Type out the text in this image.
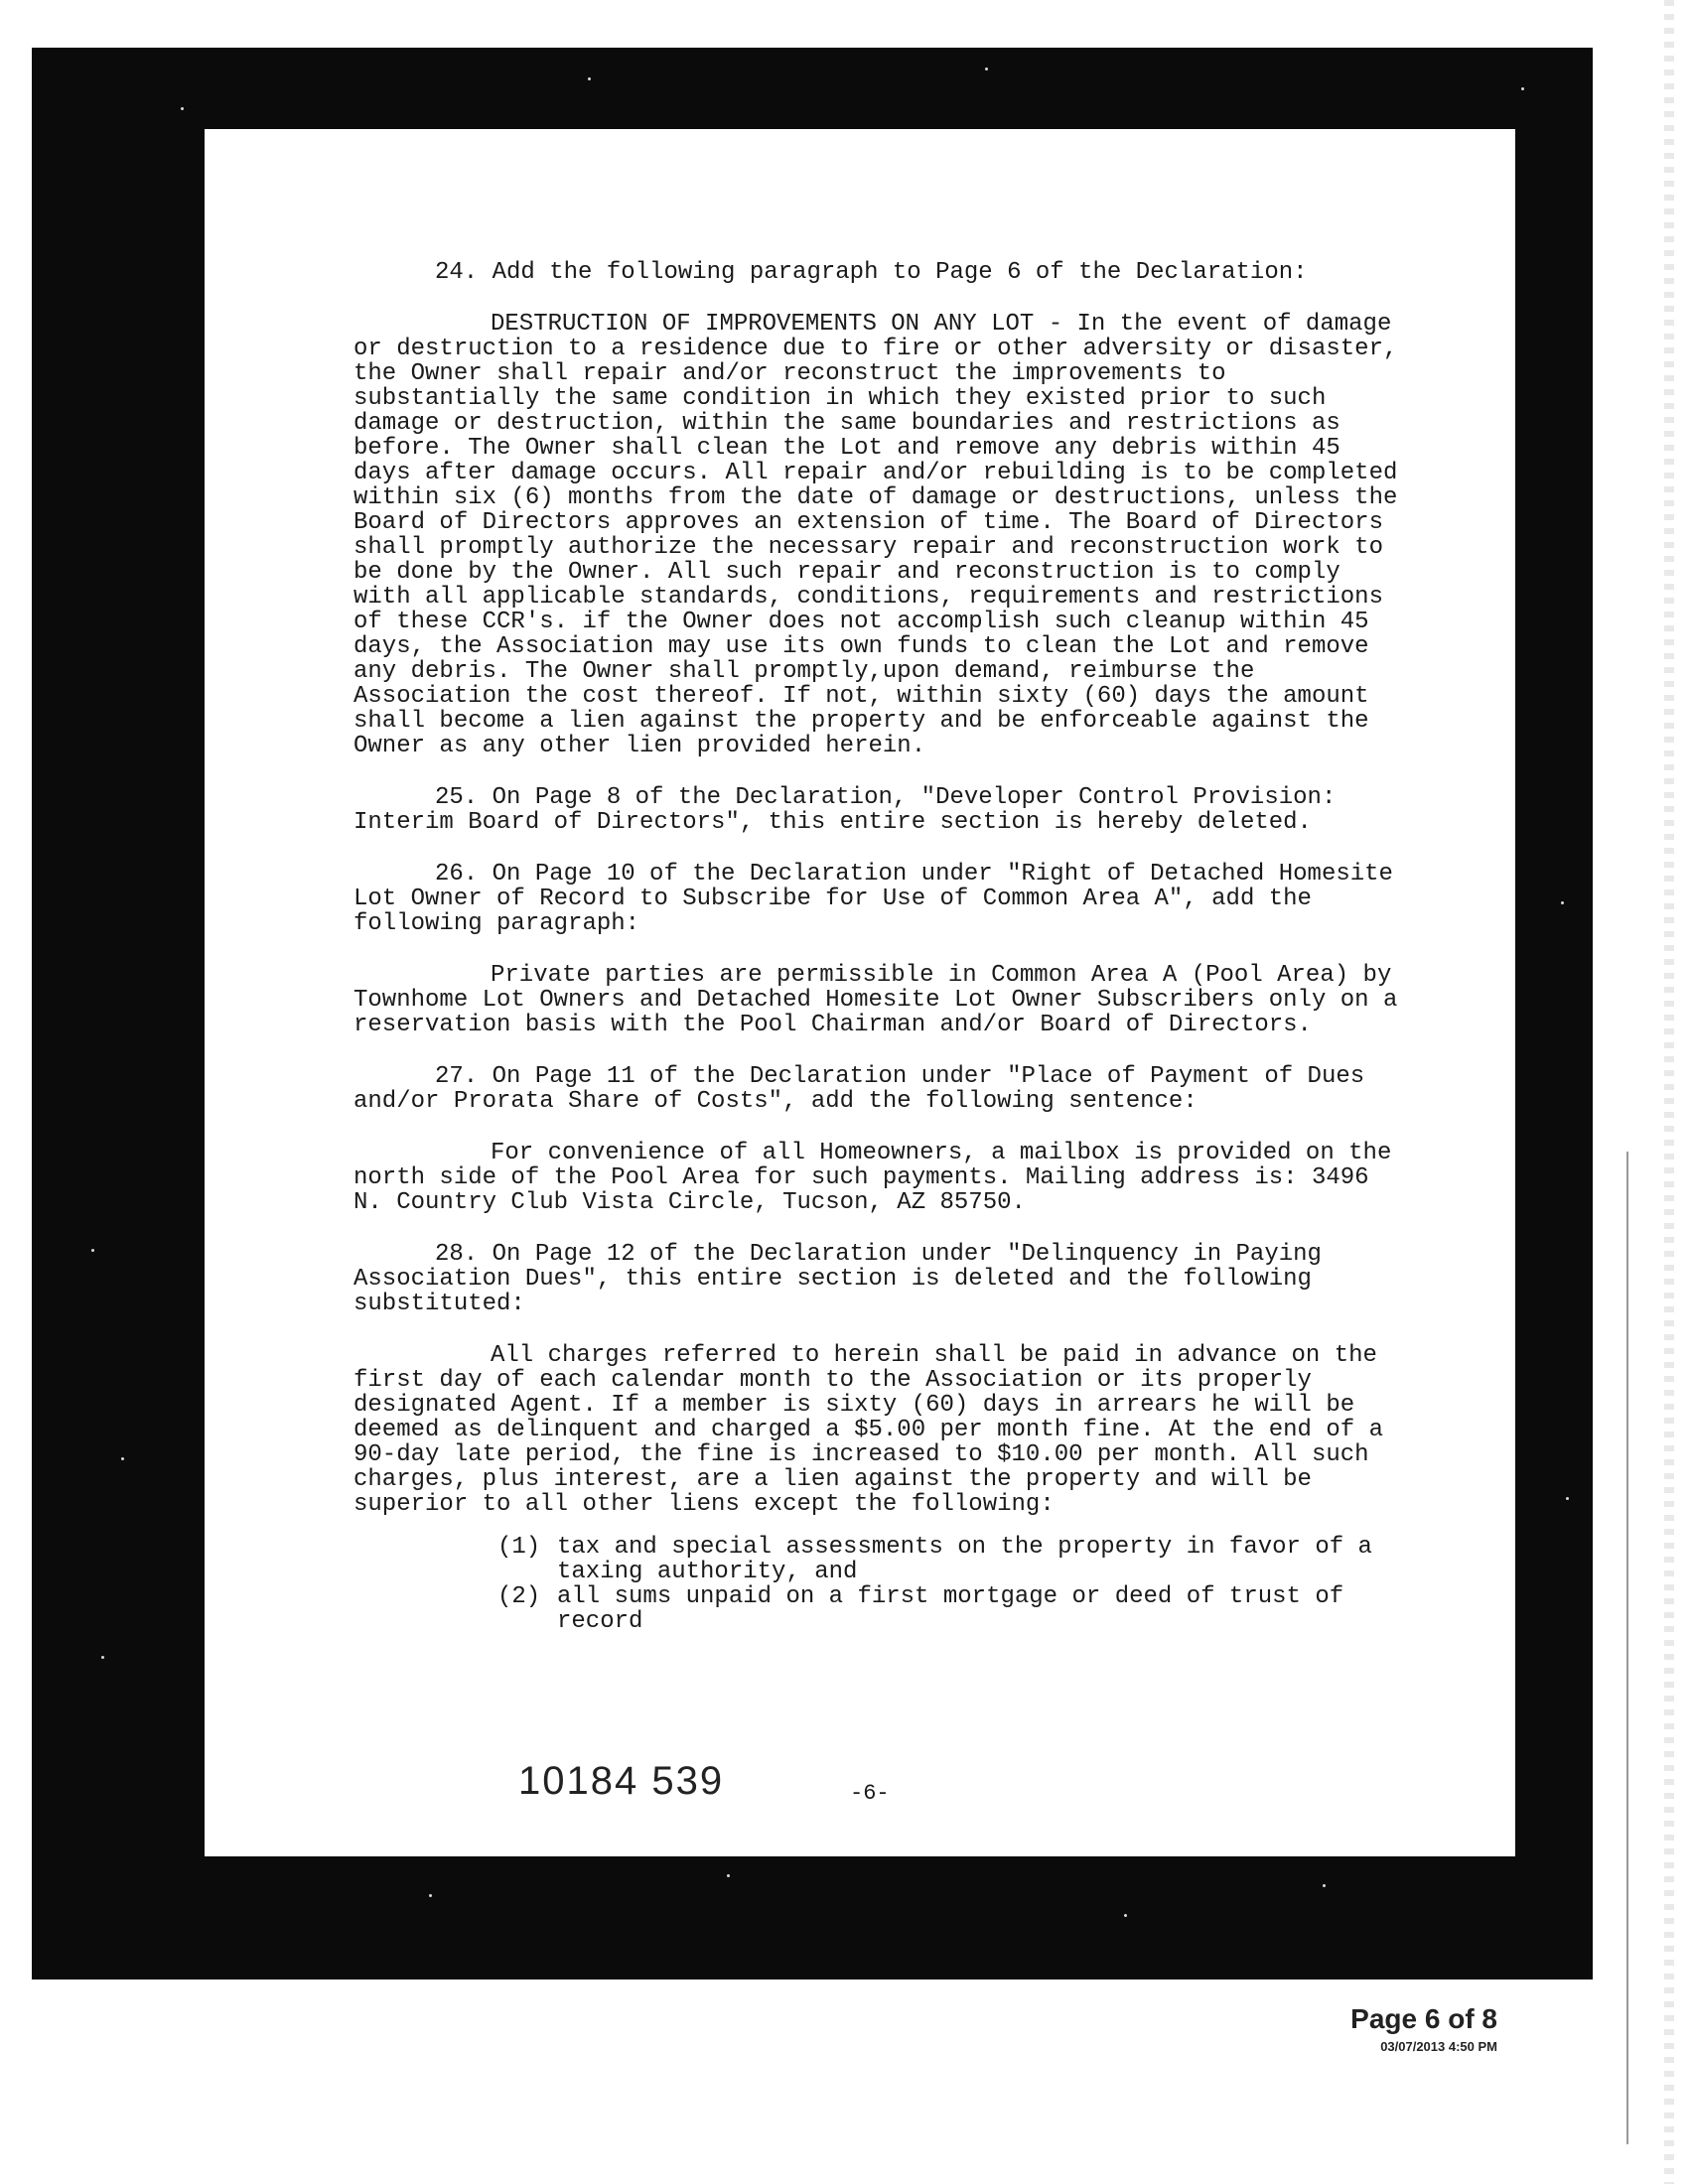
24. Add the following paragraph to Page 6 of the Declaration:

DESTRUCTION OF IMPROVEMENTS ON ANY LOT - In the event of damage or destruction to a residence due to fire or other adversity or disaster, the Owner shall repair and/or reconstruct the improvements to substantially the same condition in which they existed prior to such damage or destruction, within the same boundaries and restrictions as before. The Owner shall clean the Lot and remove any debris within 45 days after damage occurs. All repair and/or rebuilding is to be completed within six (6) months from the date of damage or destructions, unless the Board of Directors approves an extension of time. The Board of Directors shall promptly authorize the necessary repair and reconstruction work to be done by the Owner. All such repair and reconstruction is to comply with all applicable standards, conditions, requirements and restrictions of these CCR's. if the Owner does not accomplish such cleanup within 45 days, the Association may use its own funds to clean the Lot and remove any debris. The Owner shall promptly,upon demand, reimburse the Association the cost thereof. If not, within sixty (60) days the amount shall become a lien against the property and be enforceable against the Owner as any other lien provided herein.

25. On Page 8 of the Declaration, "Developer Control Provision: Interim Board of Directors", this entire section is hereby deleted.

26. On Page 10 of the Declaration under "Right of Detached Homesite Lot Owner of Record to Subscribe for Use of Common Area A", add the following paragraph:

Private parties are permissible in Common Area A (Pool Area) by Townhome Lot Owners and Detached Homesite Lot Owner Subscribers only on a reservation basis with the Pool Chairman and/or Board of Directors.

27. On Page 11 of the Declaration under "Place of Payment of Dues and/or Prorata Share of Costs", add the following sentence:

For convenience of all Homeowners, a mailbox is provided on the north side of the Pool Area for such payments. Mailing address is: 3496 N. Country Club Vista Circle, Tucson, AZ 85750.

28. On Page 12 of the Declaration under "Delinquency in Paying Association Dues", this entire section is deleted and the following substituted:

All charges referred to herein shall be paid in advance on the first day of each calendar month to the Association or its properly designated Agent. If a member is sixty (60) days in arrears he will be deemed as delinquent and charged a $5.00 per month fine. At the end of a 90-day late period, the fine is increased to $10.00 per month. All such charges, plus interest, are a lien against the property and will be superior to all other liens except the following:

(1) tax and special assessments on the property in favor of a taxing authority, and
(2) all sums unpaid on a first mortgage or deed of trust of record
10184 539	-6-
Page 6 of 8
03/07/2013 4:50 PM
